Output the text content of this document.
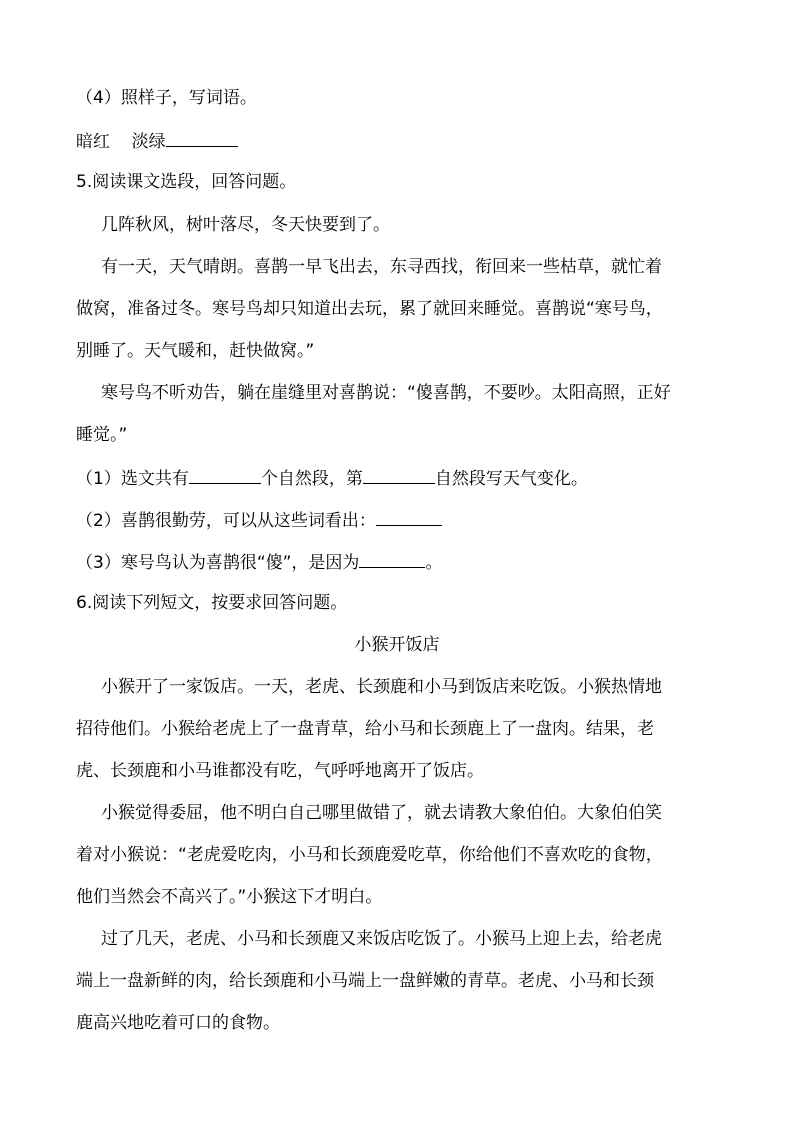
（4）照样子，写词语。
暗红 淡绿
5.阅读课文选段，回答问题。
几阵秋风，树叶落尽，冬天快要到了。
有一天，天气晴朗。喜鹊一早飞出去，东寻西找，衔回来一些枯草，就忙着
做窝，准备过冬。寒号鸟却只知道出去玩，累了就回来睡觉。喜鹊说“寒号鸟，
别睡了。天气暖和，赶快做窝。”
寒号鸟不听劝告，躺在崖缝里对喜鹊说：“傻喜鹊，不要吵。太阳高照，正好
睡觉。”
（1）选文共有	个自然段，第	自然段写天气变化。
（2）喜鹊很勤劳，可以从这些词看出：
（3）寒号鸟认为喜鹊很“傻”，是因为	。
6.阅读下列短文，按要求回答问题。
小猴开饭店
小猴开了一家饭店。一天，老虎、长颈鹿和小马到饭店来吃饭。小猴热情地
招待他们。小猴给老虎上了一盘青草，给小马和长颈鹿上了一盘肉。结果，老
虎、长颈鹿和小马谁都没有吃，气呼呼地离开了饭店。
小猴觉得委屈，他不明白自己哪里做错了，就去请教大象伯伯。大象伯伯笑
着对小猴说：“老虎爱吃肉，小马和长颈鹿爱吃草，你给他们不喜欢吃的食物，
他们当然会不高兴了。”小猴这下才明白。
过了几天，老虎、小马和长颈鹿又来饭店吃饭了。小猴马上迎上去，给老虎
端上一盘新鲜的肉，给长颈鹿和小马端上一盘鲜嫩的青草。老虎、小马和长颈
鹿高兴地吃着可口的食物。
